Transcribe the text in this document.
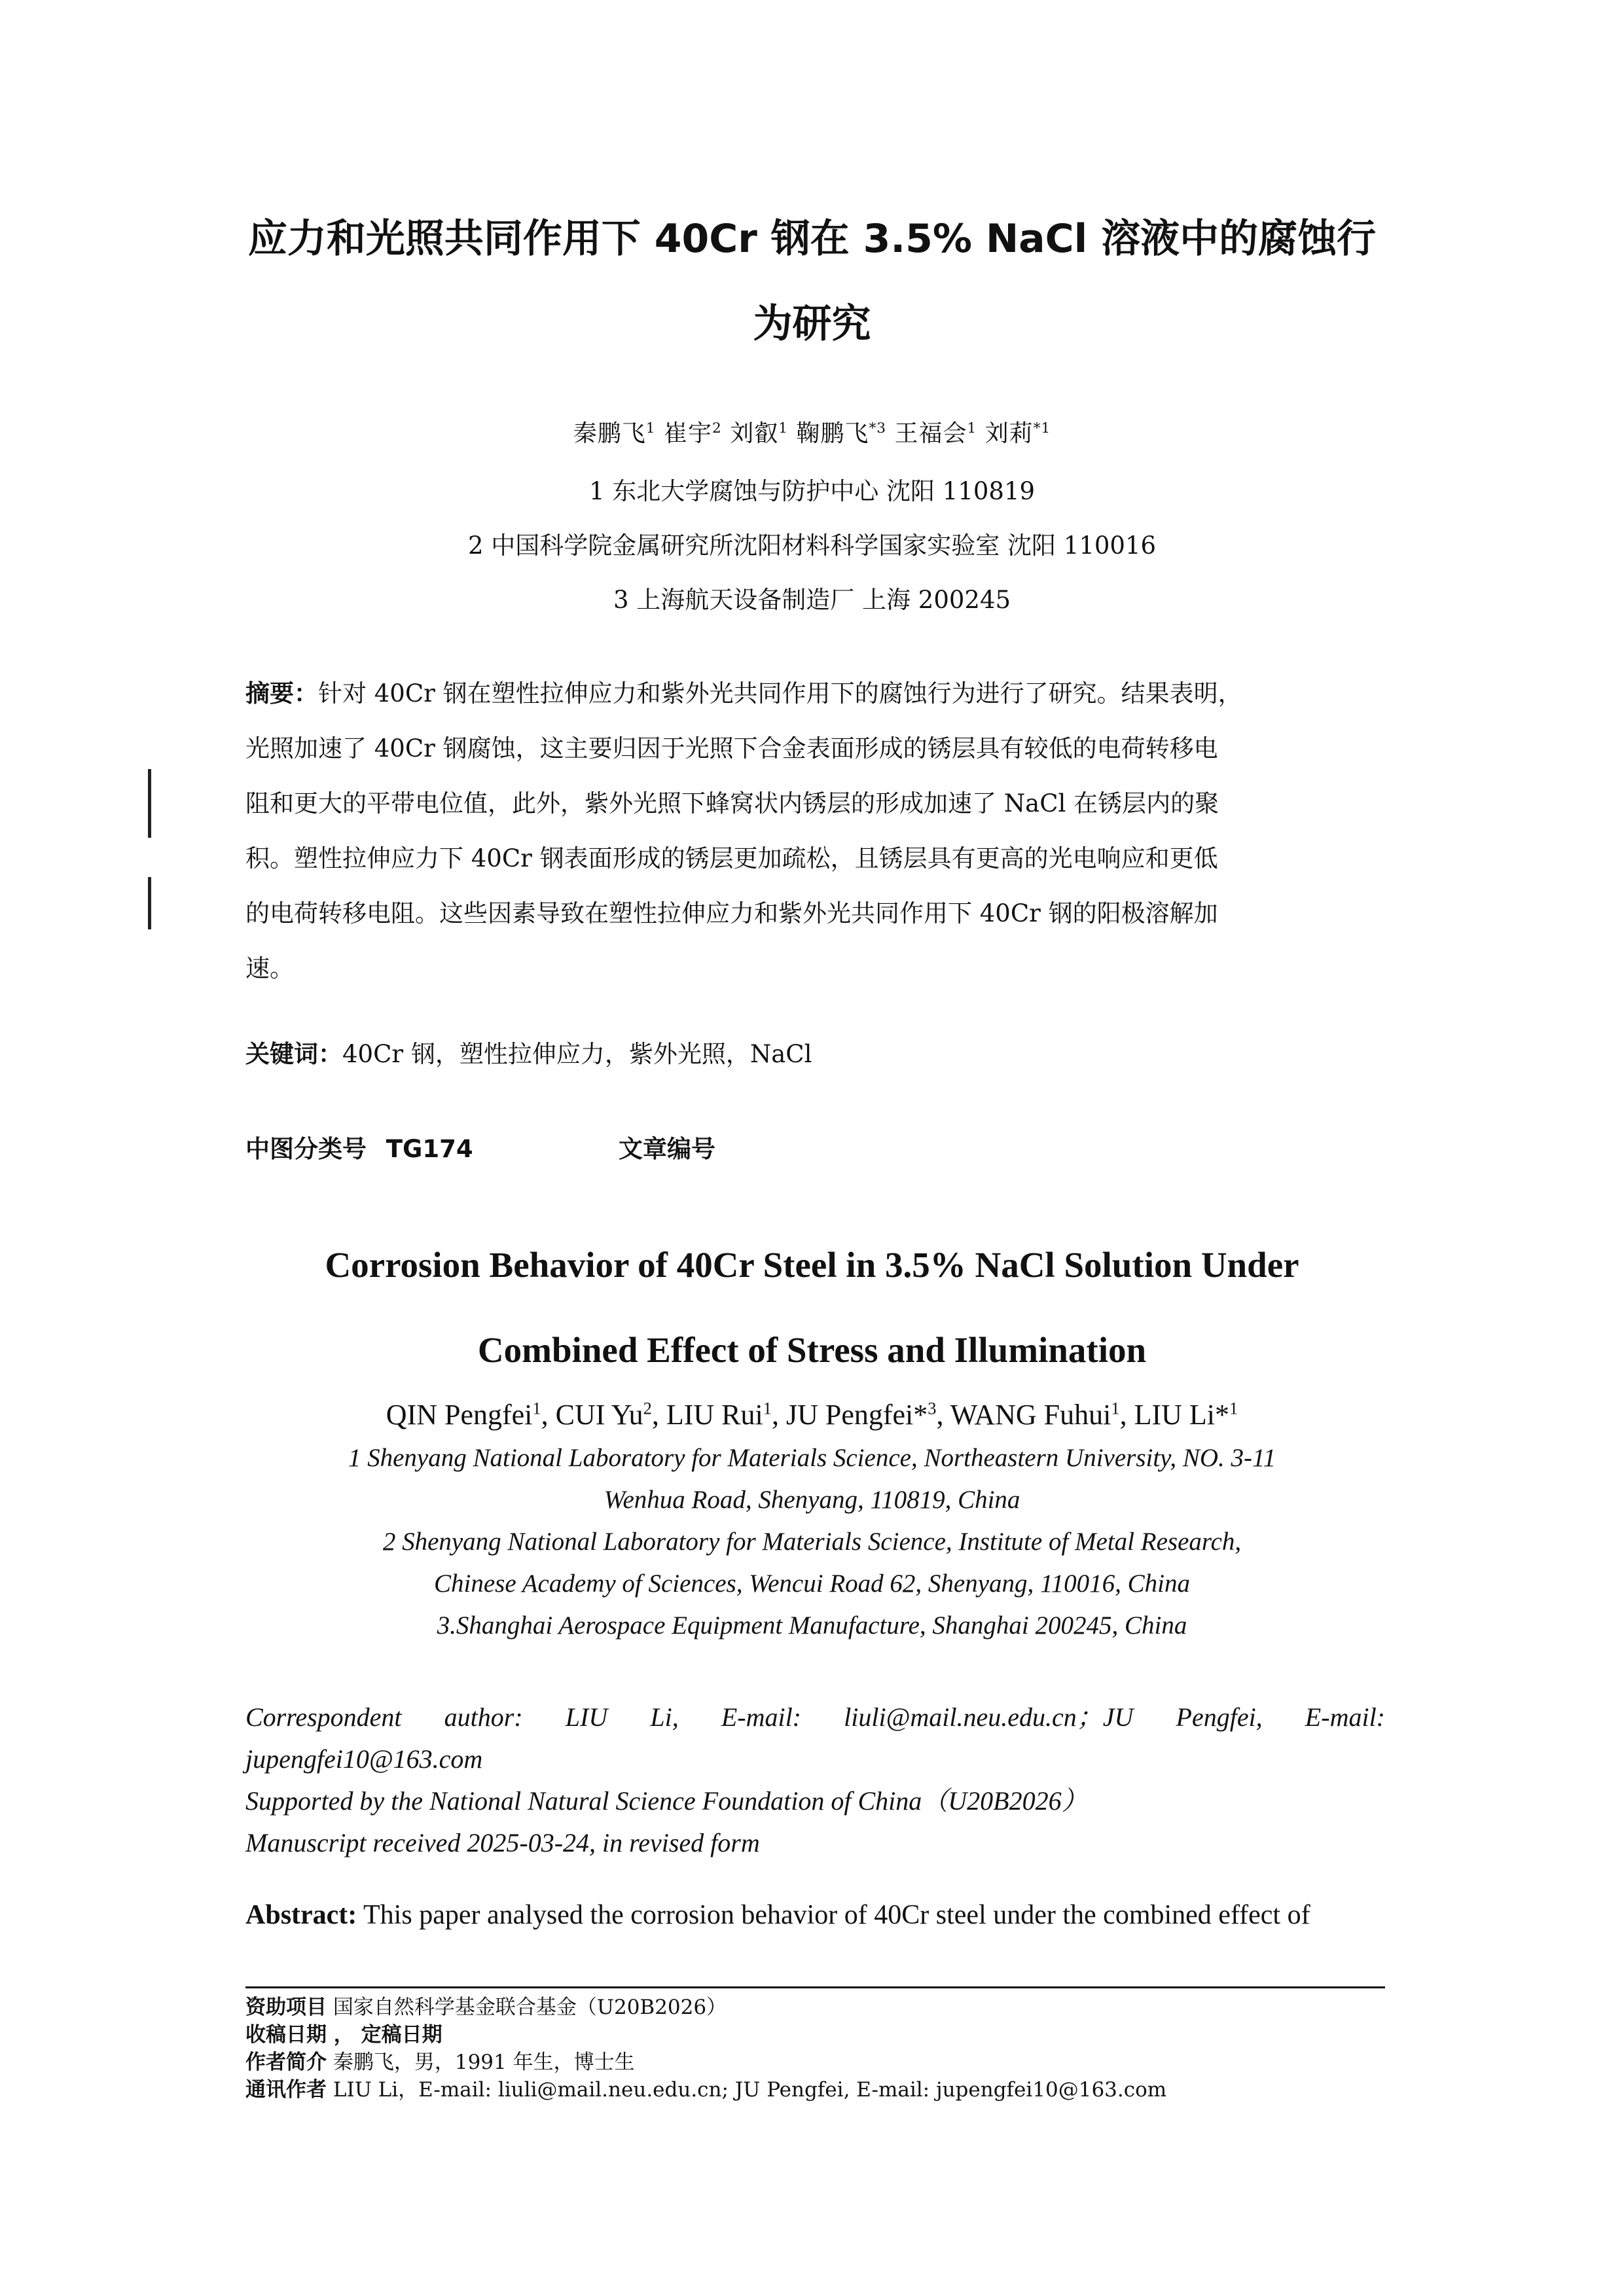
应力和光照共同作用下 40Cr 钢在 3.5% NaCl 溶液中的腐蚀行
为研究
秦鹏飞$^1$ 崔宇$^2$ 刘叡$^1$ 鞠鹏飞$^{*3}$ 王福会$^1$ 刘莉$^{*1}$
1 东北大学腐蚀与防护中心 沈阳 110819
2 中国科学院金属研究所沈阳材料科学国家实验室 沈阳 110016
3 上海航天设备制造厂 上海 200245
摘要：针对 40Cr 钢在塑性拉伸应力和紫外光共同作用下的腐蚀行为进行了研究。结果表明，
光照加速了 40Cr 钢腐蚀，这主要归因于光照下合金表面形成的锈层具有较低的电荷转移电
阻和更大的平带电位值，此外，紫外光照下蜂窝状内锈层的形成加速了 NaCl 在锈层内的聚
积。塑性拉伸应力下 40Cr 钢表面形成的锈层更加疏松，且锈层具有更高的光电响应和更低
的电荷转移电阻。这些因素导致在塑性拉伸应力和紫外光共同作用下 40Cr 钢的阳极溶解加
速。
关键词：40Cr 钢，塑性拉伸应力，紫外光照，NaCl
中图分类号 TG174	文章编号
Corrosion Behavior of 40Cr Steel in 3.5% NaCl Solution Under
Combined Effect of Stress and Illumination
QIN Pengfei$^1$, CUI Yu$^2$, LIU Rui$^1$, JU Pengfei*$^3$, WANG Fuhui$^1$, LIU Li*$^1$
1 Shenyang National Laboratory for Materials Science, Northeastern University, NO. 3-11
Wenhua Road, Shenyang, 110819, China
2 Shenyang National Laboratory for Materials Science, Institute of Metal Research,
Chinese Academy of Sciences, Wencui Road 62, Shenyang, 110016, China
3.Shanghai Aerospace Equipment Manufacture, Shanghai 200245, China
Correspondent author: LIU Li, E-mail: liuli@mail.neu.edu.cn；JU Pengfei, E-mail:
jupengfei10@163.com
Supported by the National Natural Science Foundation of China（U20B2026）
Manuscript received 2025-03-24, in revised form
Abstract: This paper analysed the corrosion behavior of 40Cr steel under the combined effect of
资助项目 国家自然科学基金联合基金（U20B2026）
收稿日期 ， 定稿日期
作者简介 秦鹏飞，男，1991 年生，博士生
通讯作者 LIU Li，E-mail: liuli@mail.neu.edu.cn; JU Pengfei, E-mail: jupengfei10@163.com
